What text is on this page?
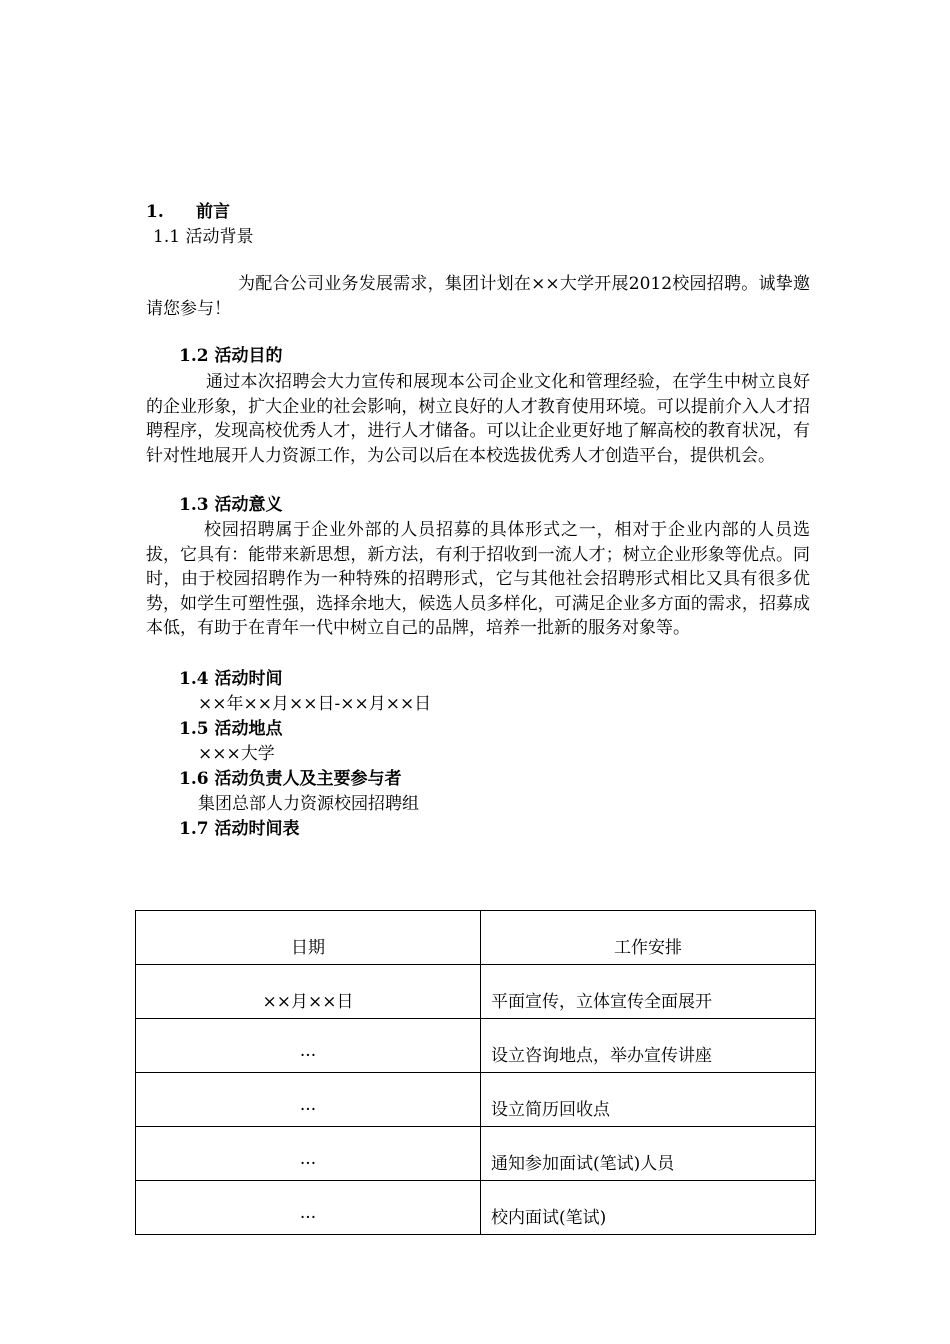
1. 前言
1.1 活动背景
为配合公司业务发展需求，集团计划在××大学开展2012校园招聘。诚挚邀请您参与！
1.2 活动目的
通过本次招聘会大力宣传和展现本公司企业文化和管理经验，在学生中树立良好的企业形象，扩大企业的社会影响，树立良好的人才教育使用环境。可以提前介入人才招聘程序，发现高校优秀人才，进行人才储备。可以让企业更好地了解高校的教育状况，有针对性地展开人力资源工作，为公司以后在本校选拔优秀人才创造平台，提供机会。
1.3 活动意义
校园招聘属于企业外部的人员招募的具体形式之一，相对于企业内部的人员选拔，它具有：能带来新思想，新方法，有利于招收到一流人才；树立企业形象等优点。同时，由于校园招聘作为一种特殊的招聘形式，它与其他社会招聘形式相比又具有很多优势，如学生可塑性强，选择余地大，候选人员多样化，可满足企业多方面的需求，招募成本低，有助于在青年一代中树立自己的品牌，培养一批新的服务对象等。
1.4 活动时间
××年××月××日-××月××日
1.5 活动地点
×××大学
1.6 活动负责人及主要参与者
集团总部人力资源校园招聘组
1.7 活动时间表
日期	工作安排
××月××日	平面宣传，立体宣传全面展开
···	设立咨询地点，举办宣传讲座
···	设立简历回收点
···	通知参加面试(笔试)人员
···	校内面试(笔试)
